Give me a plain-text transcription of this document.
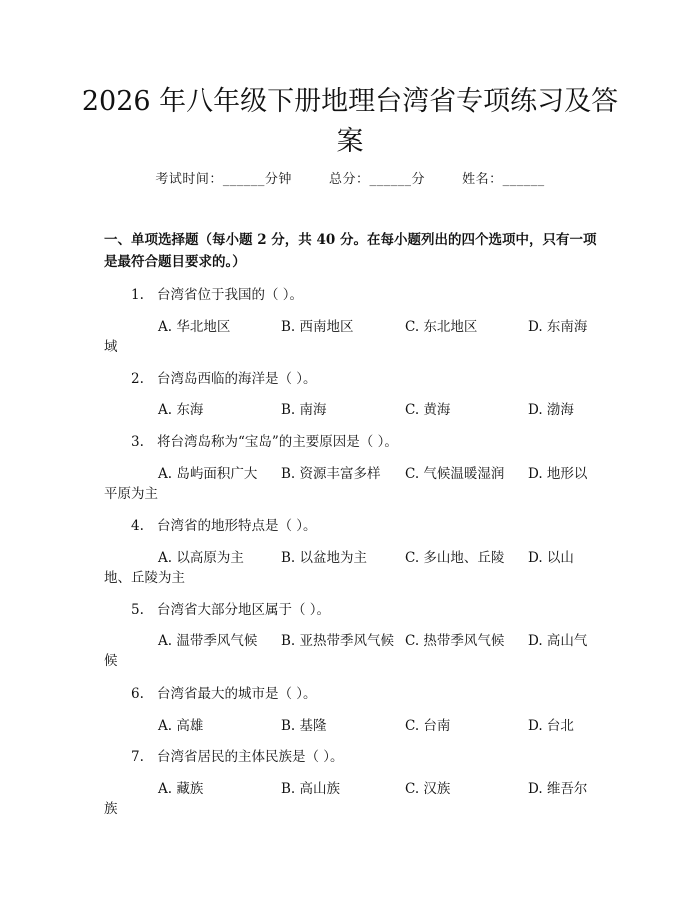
2026 年八年级下册地理台湾省专项练习及答
案
考试时间：______分钟	总分：______分	姓名：______
一、单项选择题（每小题 2 分，共 40 分。在每小题列出的四个选项中，只有一项
是最符合题目要求的。）
1. 台湾省位于我国的（ ）。
A. 华北地区	B. 西南地区	C. 东北地区	D. 东南海
域
2. 台湾岛西临的海洋是（ ）。
A. 东海	B. 南海	C. 黄海	D. 渤海
3. 将台湾岛称为“宝岛”的主要原因是（ ）。
A. 岛屿面积广大 B. 资源丰富多样 C. 气候温暖湿润 D. 地形以
平原为主
4. 台湾省的地形特点是（ ）。
A. 以高原为主	B. 以盆地为主	C. 多山地、丘陵 D. 以山
地、丘陵为主
5. 台湾省大部分地区属于（ ）。
A. 温带季风气候 B. 亚热带季风气候 C. 热带季风气候 D. 高山气
候
6. 台湾省最大的城市是（ ）。
A. 高雄	B. 基隆	C. 台南	D. 台北
7. 台湾省居民的主体民族是（ ）。
A. 藏族	B. 高山族	C. 汉族	D. 维吾尔
族
